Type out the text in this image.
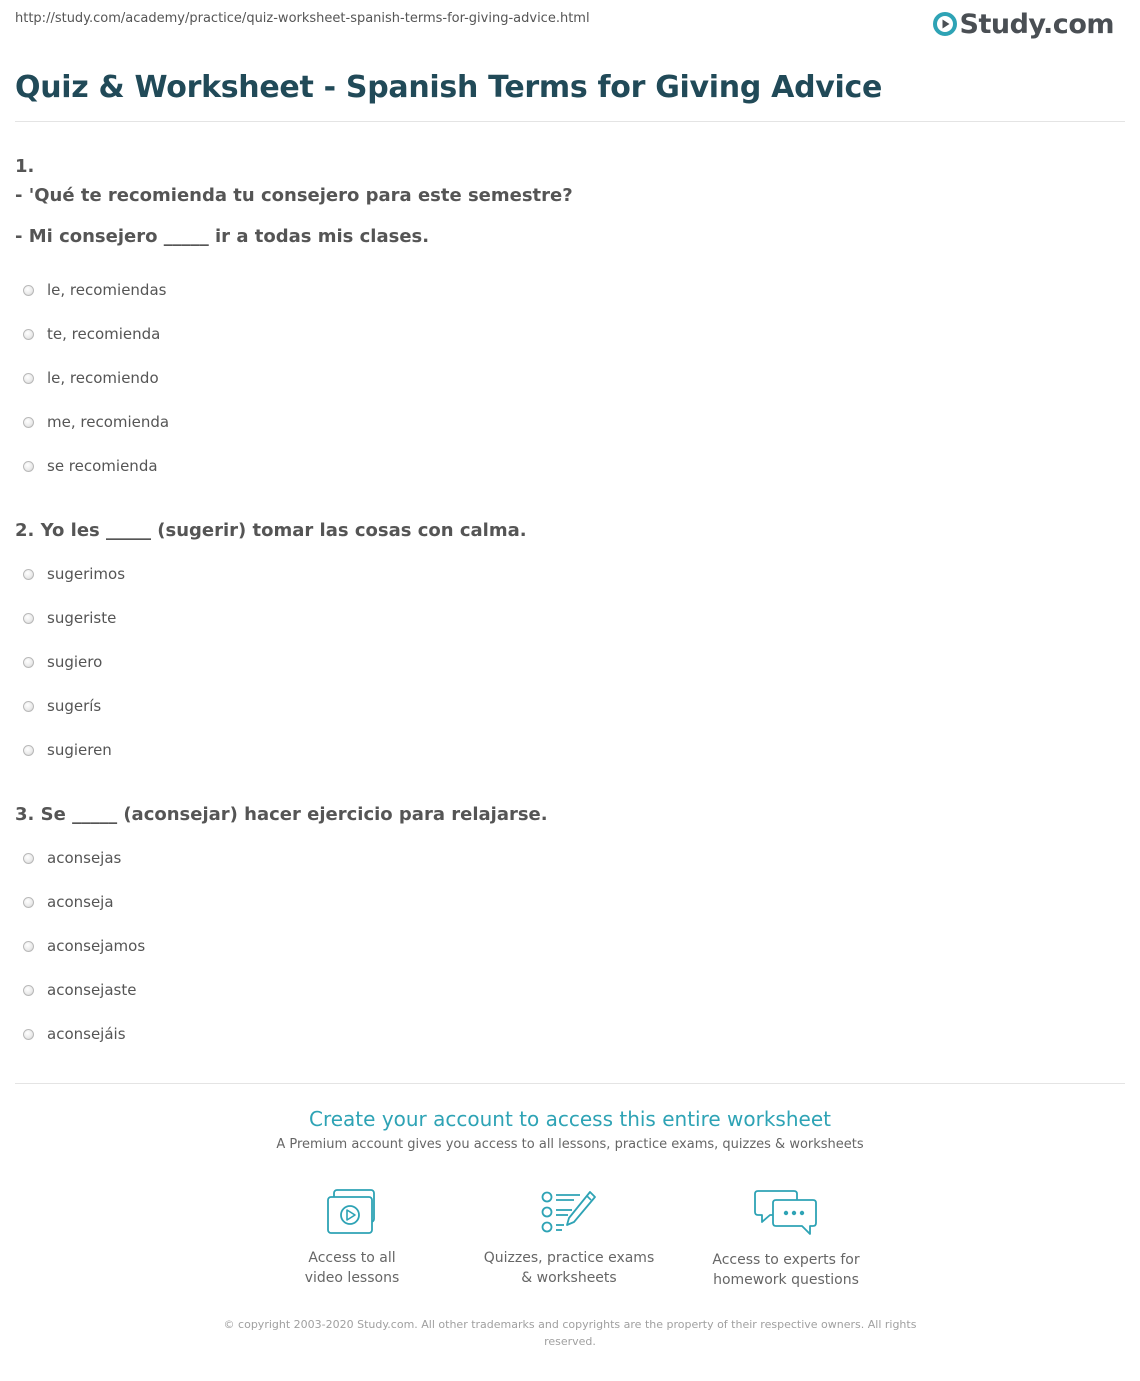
http://study.com/academy/practice/quiz-worksheet-spanish-terms-for-giving-advice.html	Study.com
Quiz & Worksheet - Spanish Terms for Giving Advice
1.
- 'Qué te recomienda tu consejero para este semestre?
- Mi consejero _____ ir a todas mis clases.
le, recomiendas
te, recomienda
le, recomiendo
me, recomienda
se recomienda
2. Yo les _____ (sugerir) tomar las cosas con calma.
sugerimos
sugeriste
sugiero
sugerís
sugieren
3. Se _____ (aconsejar) hacer ejercicio para relajarse.
aconsejas
aconseja
aconsejamos
aconsejaste
aconsejáis
Create your account to access this entire worksheet
A Premium account gives you access to all lessons, practice exams, quizzes & worksheets
Access to all
video lessons
Quizzes, practice exams
& worksheets
Access to experts for
homework questions
© copyright 2003-2020 Study.com. All other trademarks and copyrights are the property of their respective owners. All rights reserved.
